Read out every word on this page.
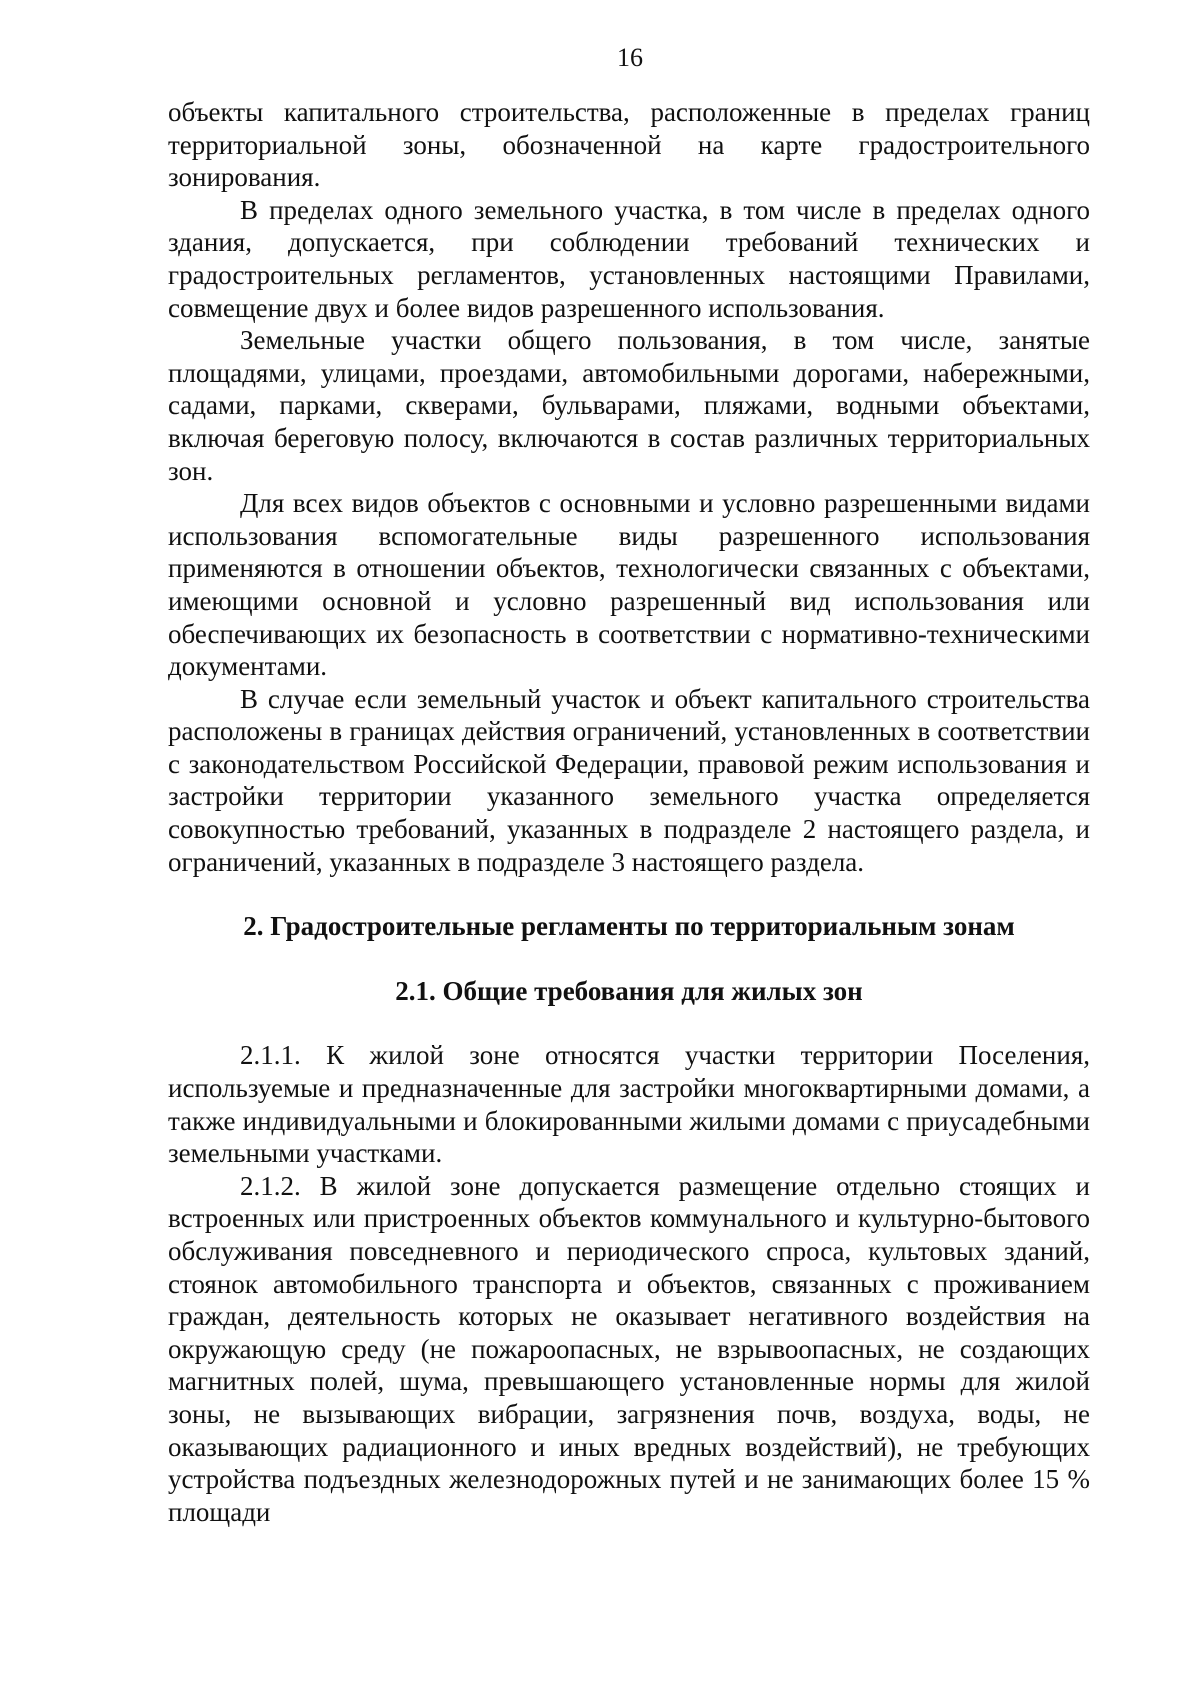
16

объекты капитального строительства, расположенные в пределах границ территориальной зоны, обозначенной на карте градостроительного зонирования.

В пределах одного земельного участка, в том числе в пределах одного здания, допускается, при соблюдении требований технических и градостроительных регламентов, установленных настоящими Правилами, совмещение двух и более видов разрешенного использования.

Земельные участки общего пользования, в том числе, занятые площадями, улицами, проездами, автомобильными дорогами, набережными, садами, парками, скверами, бульварами, пляжами, водными объектами, включая береговую полосу, включаются в состав различных территориальных зон.

Для всех видов объектов с основными и условно разрешенными видами использования вспомогательные виды разрешенного использования применяются в отношении объектов, технологически связанных с объектами, имеющими основной и условно разрешенный вид использования или обеспечивающих их безопасность в соответствии с нормативно-техническими документами.

В случае если земельный участок и объект капитального строительства расположены в границах действия ограничений, установленных в соответствии с законодательством Российской Федерации, правовой режим использования и застройки территории указанного земельного участка определяется совокупностью требований, указанных в подразделе 2 настоящего раздела, и ограничений, указанных в подразделе 3 настоящего раздела.

2. Градостроительные регламенты по территориальным зонам
2.1. Общие требования для жилых зон

2.1.1. К жилой зоне относятся участки территории Поселения, используемые и предназначенные для застройки многоквартирными домами, а также индивидуальными и блокированными жилыми домами с приусадебными земельными участками.

2.1.2. В жилой зоне допускается размещение отдельно стоящих и встроенных или пристроенных объектов коммунального и культурно-бытового обслуживания повседневного и периодического спроса, культовых зданий, стоянок автомобильного транспорта и объектов, связанных с проживанием граждан, деятельность которых не оказывает негативного воздействия на окружающую среду (не пожароопасных, не взрывоопасных, не создающих магнитных полей, шума, превышающего установленные нормы для жилой зоны, не вызывающих вибрации, загрязнения почв, воздуха, воды, не оказывающих радиационного и иных вредных воздействий), не требующих устройства подъездных железнодорожных путей и не занимающих более 15 % площади
